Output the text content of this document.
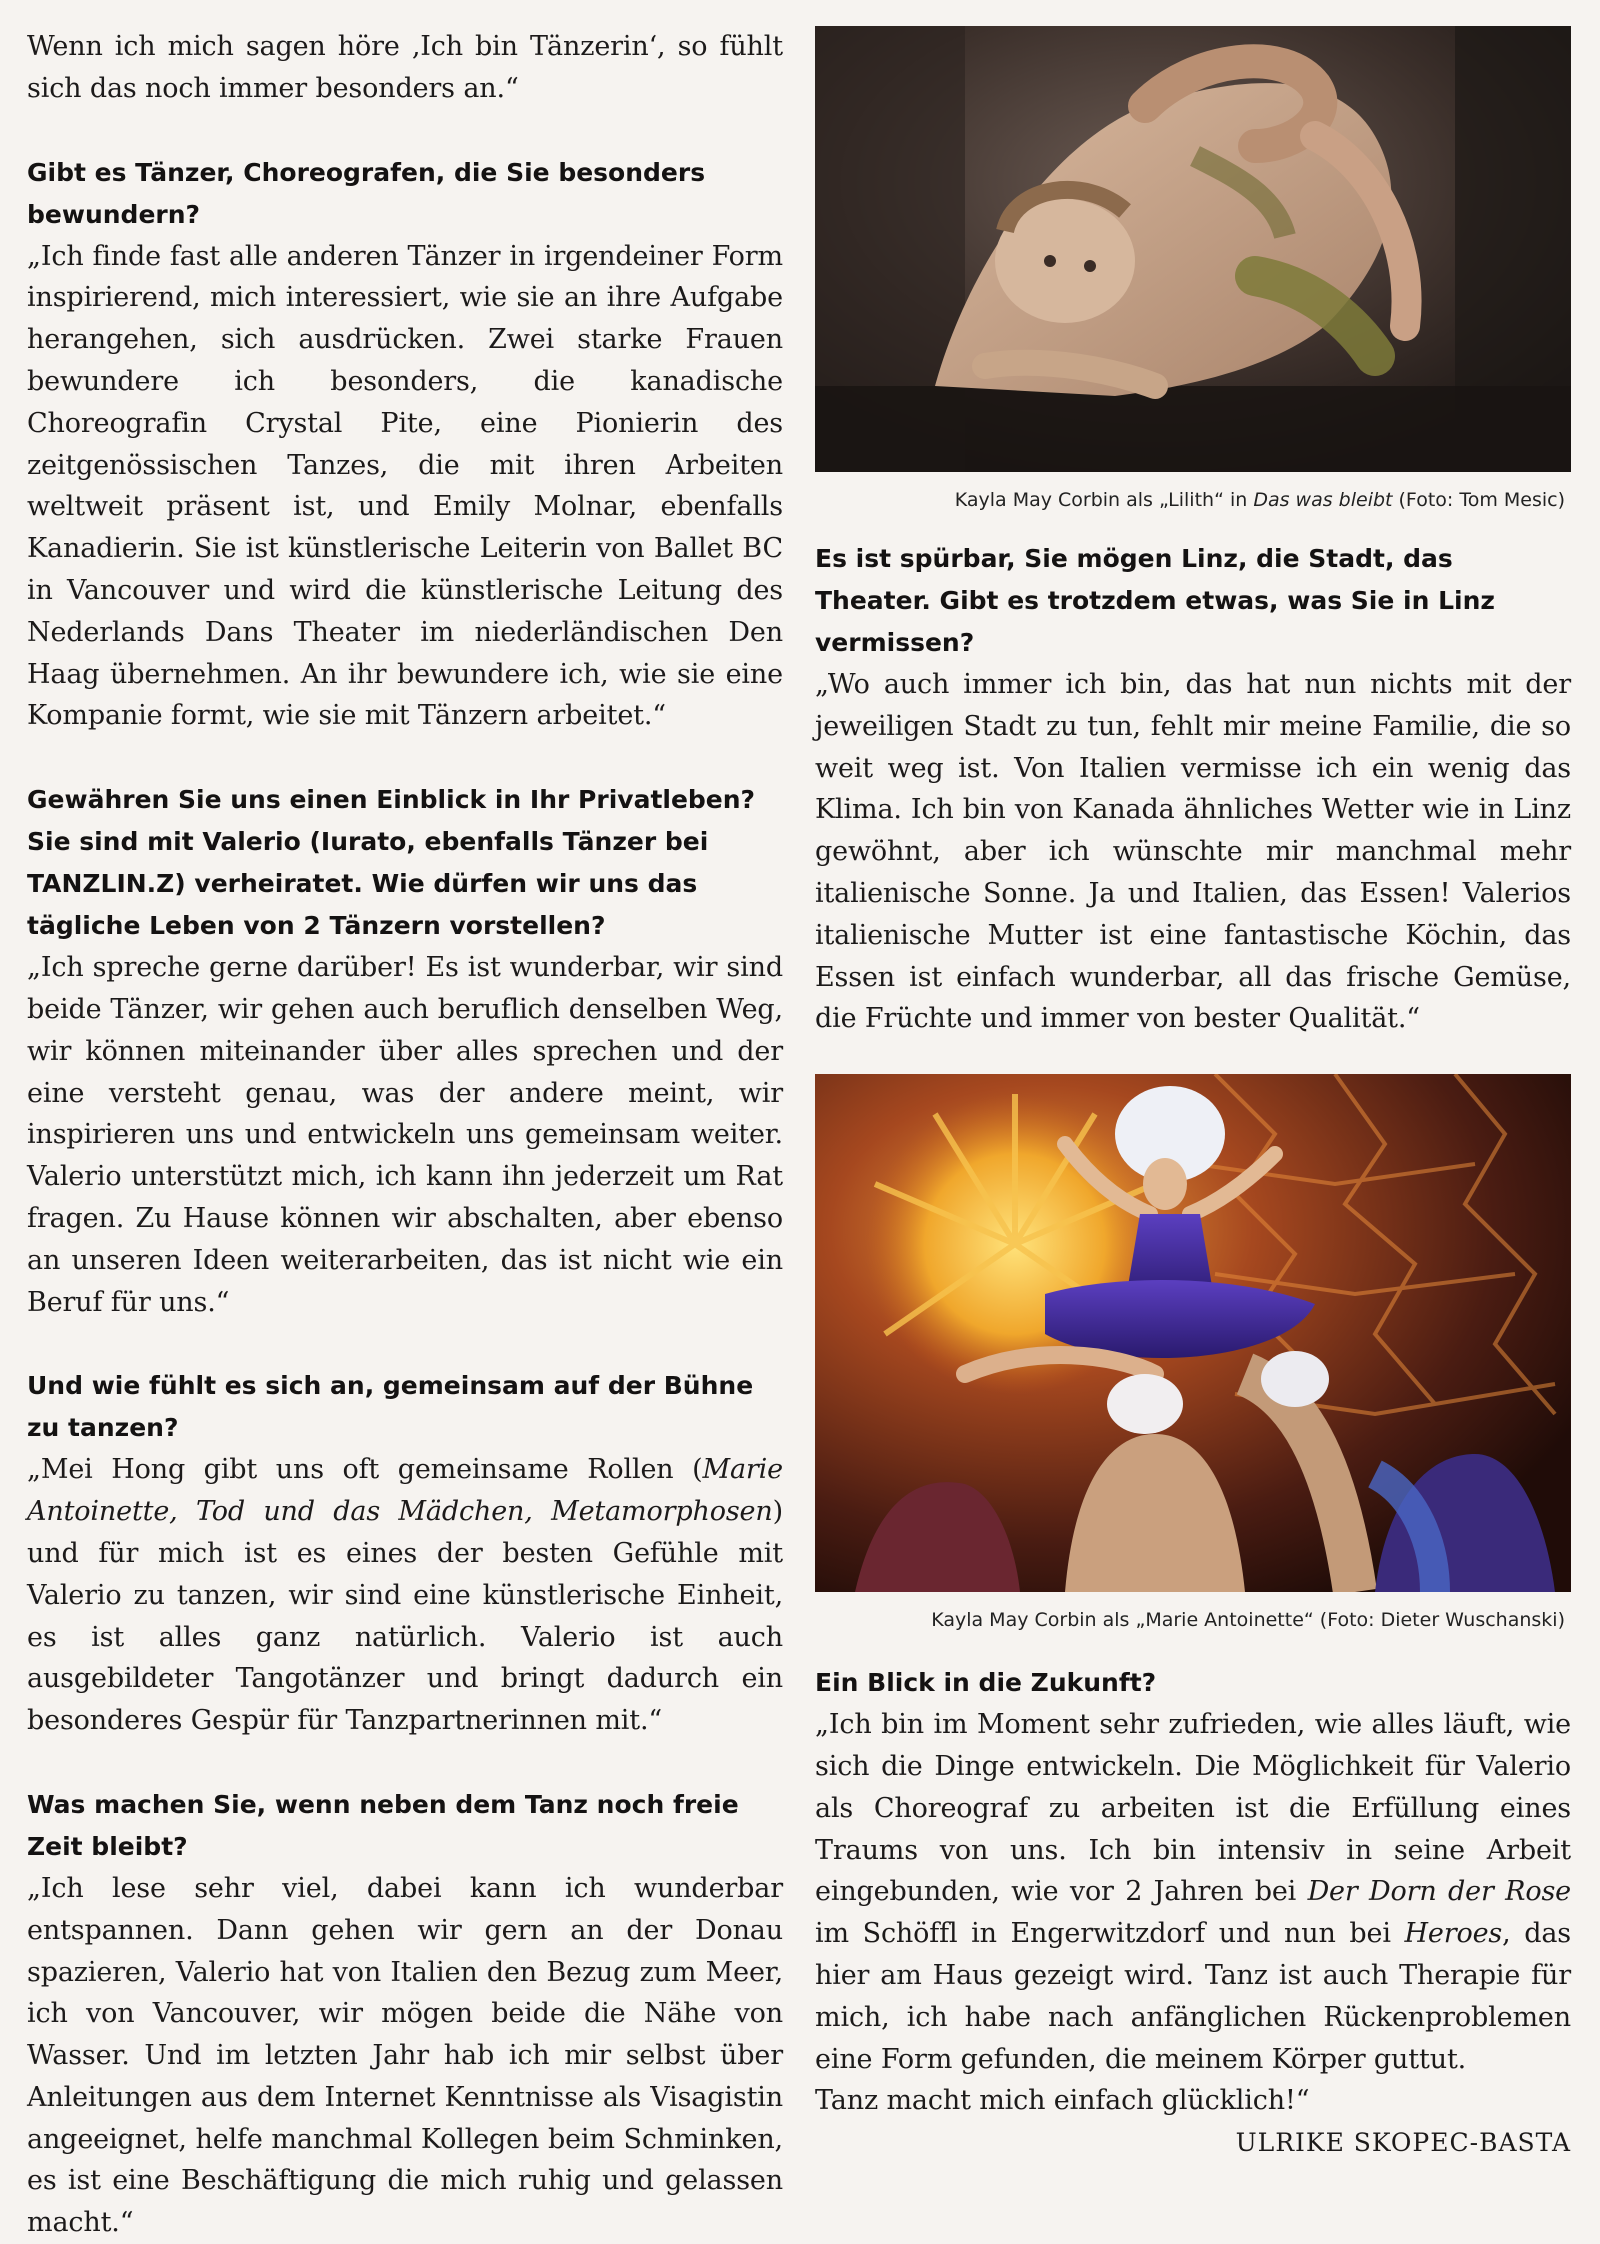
Wenn ich mich sagen höre ‚Ich bin Tänzerin‘, so fühlt sich das noch immer besonders an.“

Gibt es Tänzer, Choreografen, die Sie besonders bewundern?

„Ich finde fast alle anderen Tänzer in irgendeiner Form inspirierend, mich interessiert, wie sie an ihre Aufgabe herangehen, sich ausdrücken. Zwei starke Frauen bewundere ich besonders, die kanadische Choreografin Crystal Pite, eine Pionierin des zeitgenössischen Tanzes, die mit ihren Arbeiten weltweit präsent ist, und Emily Molnar, ebenfalls Kanadierin. Sie ist künstlerische Leiterin von Ballet BC in Vancouver und wird die künstlerische Leitung des Nederlands Dans Theater im niederländischen Den Haag übernehmen. An ihr bewundere ich, wie sie eine Kompanie formt, wie sie mit Tänzern arbeitet.“

Gewähren Sie uns einen Einblick in Ihr Privatleben? Sie sind mit Valerio (Iurato, ebenfalls Tänzer bei TANZLIN.Z) verheiratet. Wie dürfen wir uns das tägliche Leben von 2 Tänzern vorstellen?

„Ich spreche gerne darüber! Es ist wunderbar, wir sind beide Tänzer, wir gehen auch beruflich denselben Weg, wir können miteinander über alles sprechen und der eine versteht genau, was der andere meint, wir inspirieren uns und entwickeln uns gemeinsam weiter. Valerio unterstützt mich, ich kann ihn jederzeit um Rat fragen. Zu Hause können wir abschalten, aber ebenso an unseren Ideen weiterarbeiten, das ist nicht wie ein Beruf für uns.“

Und wie fühlt es sich an, gemeinsam auf der Bühne zu tanzen?

„Mei Hong gibt uns oft gemeinsame Rollen (Marie Antoinette, Tod und das Mädchen, Metamorphosen) und für mich ist es eines der besten Gefühle mit Valerio zu tanzen, wir sind eine künstlerische Einheit, es ist alles ganz natürlich. Valerio ist auch ausgebildeter Tangotänzer und bringt dadurch ein besonderes Gespür für Tanzpartnerinnen mit.“

Was machen Sie, wenn neben dem Tanz noch freie Zeit bleibt?

„Ich lese sehr viel, dabei kann ich wunderbar entspannen. Dann gehen wir gern an der Donau spazieren, Valerio hat von Italien den Bezug zum Meer, ich von Vancouver, wir mögen beide die Nähe von Wasser. Und im letzten Jahr hab ich mir selbst über Anleitungen aus dem Internet Kenntnisse als Visagistin angeeignet, helfe manchmal Kollegen beim Schminken, es ist eine Beschäftigung die mich ruhig und gelassen macht.“

Kayla May Corbin als „Lilith“ in Das was bleibt (Foto: Tom Mesic)

Es ist spürbar, Sie mögen Linz, die Stadt, das Theater. Gibt es trotzdem etwas, was Sie in Linz vermissen?

„Wo auch immer ich bin, das hat nun nichts mit der jeweiligen Stadt zu tun, fehlt mir meine Familie, die so weit weg ist. Von Italien vermisse ich ein wenig das Klima. Ich bin von Kanada ähnliches Wetter wie in Linz gewöhnt, aber ich wünschte mir manchmal mehr italienische Sonne. Ja und Italien, das Essen! Valerios italienische Mutter ist eine fantastische Köchin, das Essen ist einfach wunderbar, all das frische Gemüse, die Früchte und immer von bester Qualität.“

Kayla May Corbin als „Marie Antoinette“ (Foto: Dieter Wuschanski)

Ein Blick in die Zukunft?

„Ich bin im Moment sehr zufrieden, wie alles läuft, wie sich die Dinge entwickeln. Die Möglichkeit für Valerio als Choreograf zu arbeiten ist die Erfüllung eines Traums von uns. Ich bin intensiv in seine Arbeit eingebunden, wie vor 2 Jahren bei Der Dorn der Rose im Schöffl in Engerwitzdorf und nun bei Heroes, das hier am Haus gezeigt wird. Tanz ist auch Therapie für mich, ich habe nach anfänglichen Rückenproblemen eine Form gefunden, die meinem Körper guttut.

Tanz macht mich einfach glücklich!“

ULRIKE SKOPEC-BASTA
